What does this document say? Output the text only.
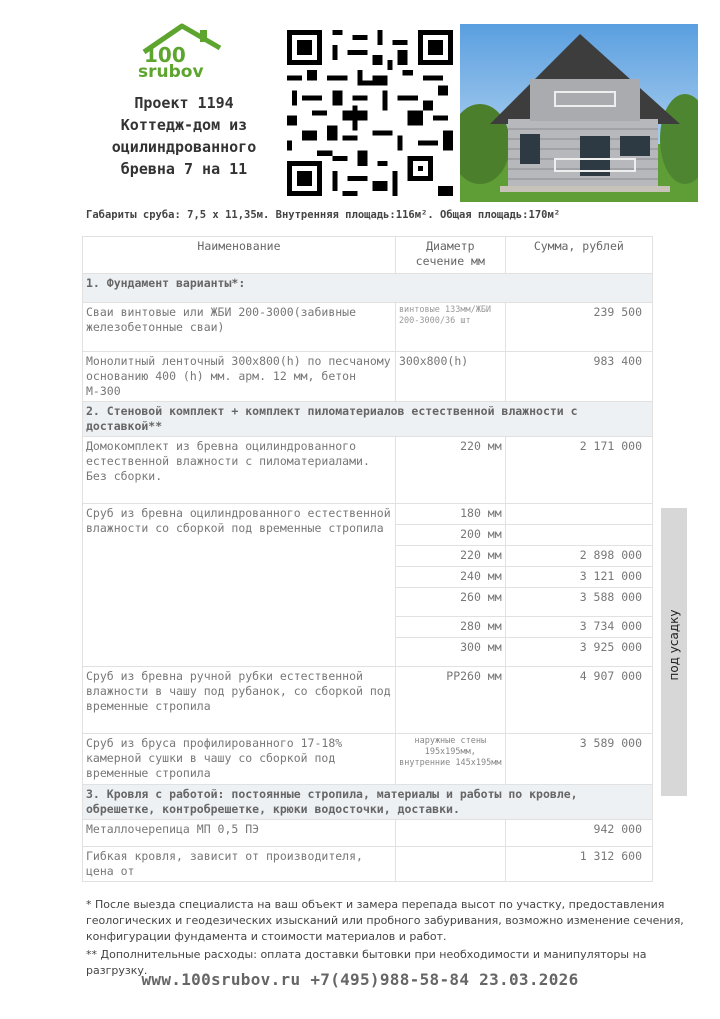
100
srubov
Проект 1194
Коттедж-дом из
оцилиндрованного
бревна 7 на 11
Габариты сруба: 7,5 х 11,35м. Внутренняя площадь:116м². Общая площадь:170м²
Наименование	Диаметр сечение мм	Сумма, рублей
1. Фундамент варианты*:		
Сваи винтовые или ЖБИ 200-3000(забивные железобетонные сваи)	винтовые 133мм/ЖБИ 200-3000/36 шт	239 500
Монолитный ленточный 300х800(h) по песчаному основанию 400 (h) мм. арм. 12 мм, бетон М-300	300х800(h)	983 400
2. Стеновой комплект + комплект пиломатериалов естественной влажности с доставкой**		
Домокомплект из бревна оцилиндрованного естественной влажности с пиломатериалами. Без сборки.	220 мм	2 171 000
Сруб из бревна оцилиндрованного естественной влажности со сборкой под временные стропила	180 мм	
	200 мм	
	220 мм	2 898 000
	240 мм	3 121 000
	260 мм	3 588 000
	280 мм	3 734 000
	300 мм	3 925 000
Сруб из бревна ручной рубки естественной влажности в чашу под рубанок, со сборкой под временные стропила	РР260 мм	4 907 000
Сруб из бруса профилированного 17-18% камерной сушки в чашу со сборкой под временные стропила	наружные стены 195х195мм, внутренние 145х195мм	3 589 000
3. Кровля с работой: постоянные стропила, материалы и работы по кровле, обрешетке, контробрешетке, крюки водосточки, доставки.		
Металлочерепица МП 0,5 ПЭ		942 000
Гибкая кровля, зависит от производителя, цена от		1 312 600
под усадку
* После выезда специалиста на ваш объект и замера перепада высот по участку, предоставления геологических и геодезических изысканий или пробного забуривания, возможно изменение сечения, конфигурации фундамента и стоимости материалов и работ.
** Дополнительные расходы: оплата доставки бытовки при необходимости и манипуляторы на разгрузку.
www.100srubov.ru +7(495)988-58-84 23.03.2026
